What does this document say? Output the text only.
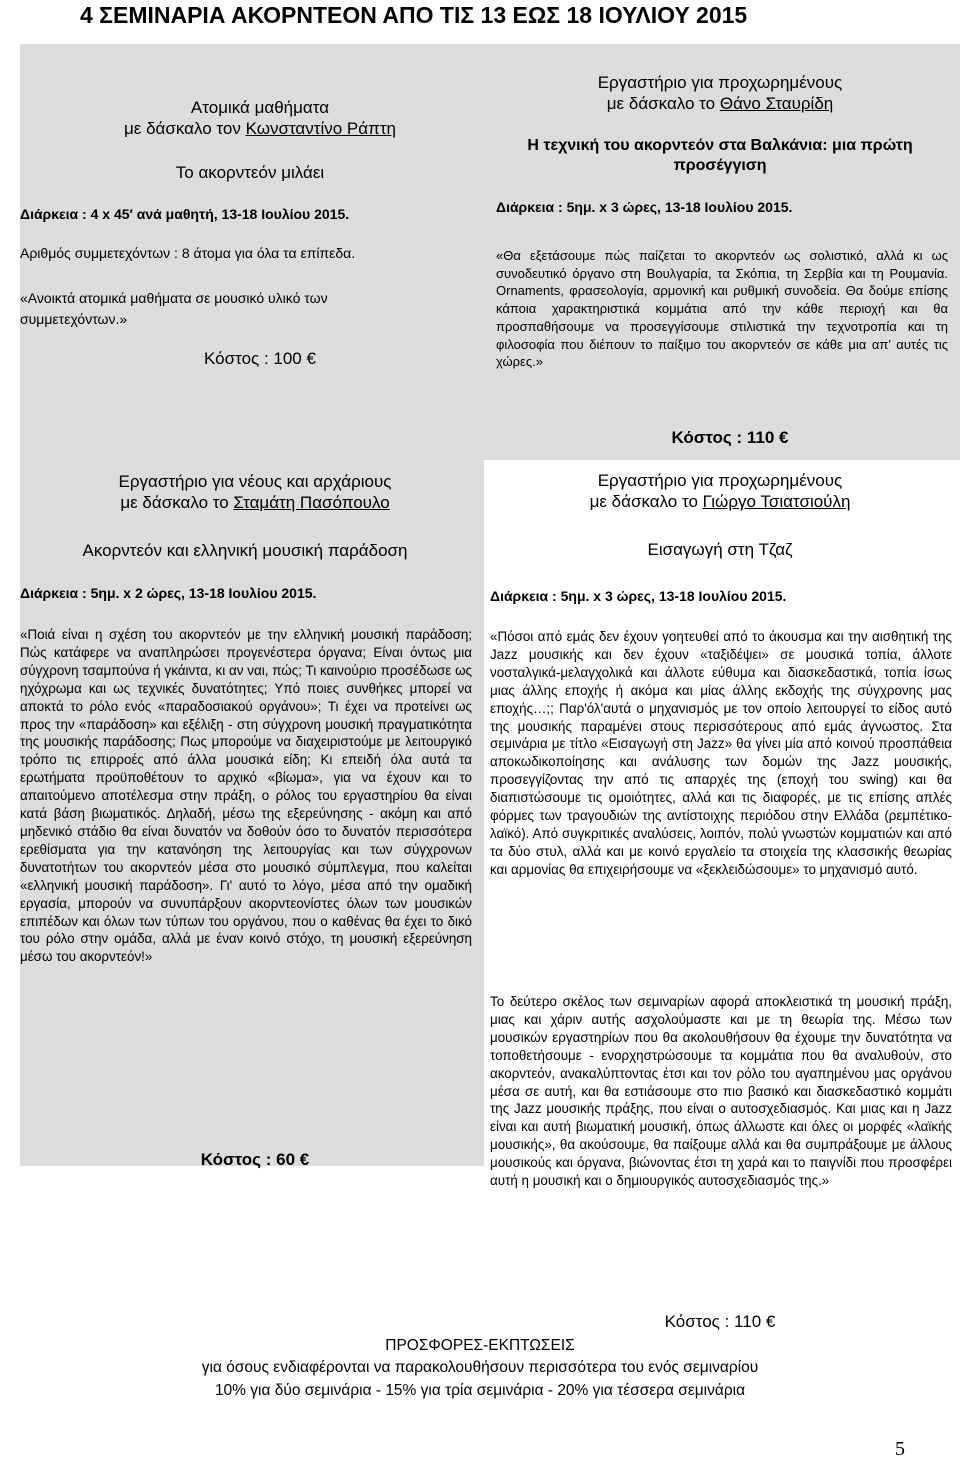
4 ΣΕΜΙΝΑΡΙΑ ΑΚΟΡΝΤΕΟΝ ΑΠΟ ΤΙΣ 13 ΕΩΣ 18 ΙΟΥΛΙΟΥ 2015
Ατομικά μαθήματα
με δάσκαλο τον Κωνσταντίνο Ράπτη
Το ακορντεόν μιλάει
Διάρκεια : 4 x 45′ ανά μαθητή, 13-18 Ιουλίου 2015.
Αριθμός συμμετεχόντων : 8 άτομα για όλα τα επίπεδα.
«Ανοικτά ατομικά μαθήματα σε μουσικό υλικό των συμμετεχόντων.»
Κόστος : 100 €
Εργαστήριο για προχωρημένους
με δάσκαλο το Θάνο Σταυρίδη
Η τεχνική του ακορντεόν στα Βαλκάνια: μια πρώτη προσέγγιση
Διάρκεια : 5ημ. x 3 ώρες, 13-18 Ιουλίου 2015.
«Θα εξετάσουμε πώς παίζεται το ακορντεόν ως σολιστικό, αλλά κι ως συνοδευτικό όργανο στη Βουλγαρία, τα Σκόπια, τη Σερβία και τη Ρουμανία. Ornaments, φρασεολογία, αρμονική και ρυθμική συνοδεία. Θα δούμε επίσης κάποια χαρακτηριστικά κομμάτια από την κάθε περιοχή και θα προσπαθήσουμε να προσεγγίσουμε στιλιστικά την τεχνοτροπία και τη φιλοσοφία που διέπουν το παίξιμο του ακορντεόν σε κάθε μια απ’ αυτές τις χώρες.»
Κόστος : 110 €
Εργαστήριο για νέους και αρχάριους
με δάσκαλο το Σταμάτη Πασόπουλο
Ακορντεόν και ελληνική μουσική παράδοση
Διάρκεια : 5ημ. x 2 ώρες, 13-18 Ιουλίου 2015.
«Ποιά είναι η σχέση του ακορντεόν με την ελληνική μουσική παράδοση; Πώς κατάφερε να αναπληρώσει προγενέστερα όργανα; Είναι όντως μια σύγχρονη τσαμπούνα ή γκάιντα, κι αν ναι, πώς; Τι καινούριο προσέδωσε ως ηχόχρωμα και ως τεχνικές δυνατότητες; Υπό ποιες συνθήκες μπορεί να αποκτά το ρόλο ενός «παραδοσιακού οργάνου»; Τι έχει να προτείνει ως προς την «παράδοση» και εξέλιξη - στη σύγχρονη μουσική πραγματικότητα της μουσικής παράδοσης; Πως μπορούμε να διαχειριστούμε με λειτουργικό τρόπο τις επιρροές από άλλα μουσικά είδη; Κι επειδή όλα αυτά τα ερωτήματα προϋποθέτουν το αρχικό «βίωμα», για να έχουν και το απαιτούμενο αποτέλεσμα στην πράξη, ο ρόλος του εργαστηρίου θα είναι κατά βάση βιωματικός. Δηλαδή, μέσω της εξερεύνησης - ακόμη και από μηδενικό στάδιο θα είναι δυνατόν να δοθούν όσο το δυνατόν περισσότερα ερεθίσματα για την κατανόηση της λειτουργίας και των σύγχρονων δυνατοτήτων του ακορντεόν μέσα στο μουσικό σύμπλεγμα, που καλείται «ελληνική μουσική παράδοση». Γι' αυτό το λόγο, μέσα από την ομαδική εργασία, μπορούν να συνυπάρξουν ακορντεονίστες όλων των μουσικών επιπέδων και όλων των τύπων του οργάνου, που ο καθένας θα έχει το δικό του ρόλο στην ομάδα, αλλά με έναν κοινό στόχο, τη μουσική εξερεύνηση μέσω του ακορντεόν!»
Κόστος : 60 €
Εργαστήριο για προχωρημένους
με δάσκαλο το Γιώργο Τσιατσιούλη
Εισαγωγή στη Τζαζ
Διάρκεια : 5ημ. x 3 ώρες, 13-18 Ιουλίου 2015.
«Πόσοι από εμάς δεν έχουν γοητευθεί από το άκουσμα και την αισθητική της Jazz μουσικής και δεν έχουν «ταξιδέψει» σε μουσικά τοπία, άλλοτε νοσταλγικά-μελαγχολικά και άλλοτε εύθυμα και διασκεδαστικά, τοπία ίσως μιας άλλης εποχής ή ακόμα και μίας άλλης εκδοχής της σύγχρονης μας εποχής…;; Παρ'όλ'αυτά ο μηχανισμός με τον οποίο λειτουργεί το είδος αυτό της μουσικής παραμένει στους περισσότερους από εμάς άγνωστος. Στα σεμινάρια με τίτλο «Εισαγωγή στη Jazz» θα γίνει μία από κοινού προσπάθεια αποκωδικοποίησης και ανάλυσης των δομών της Jazz μουσικής, προσεγγίζοντας την από τις απαρχές της (εποχή του swing) και θα διαπιστώσουμε τις ομοιότητες, αλλά και τις διαφορές, με τις επίσης απλές φόρμες των τραγουδιών της αντίστοιχης περιόδου στην Ελλάδα (ρεμπέτικο-λαϊκό). Από συγκριτικές αναλύσεις, λοιπόν, πολύ γνωστών κομματιών και από τα δύο στυλ, αλλά και με κοινό εργαλείο τα στοιχεία της κλασσικής θεωρίας και αρμονίας θα επιχειρήσουμε να «ξεκλειδώσουμε» το μηχανισμό αυτό.
Το δεύτερο σκέλος των σεμιναρίων αφορά αποκλειστικά τη μουσική πράξη, μιας και χάριν αυτής ασχολούμαστε και με τη θεωρία της. Μέσω των μουσικών εργαστηρίων που θα ακολουθήσουν θα έχουμε την δυνατότητα να τοποθετήσουμε - ενορχηστρώσουμε τα κομμάτια που θα αναλυθούν, στο ακορντεόν, ανακαλύπτοντας έτσι και τον ρόλο του αγαπημένου μας οργάνου μέσα σε αυτή, και θα εστιάσουμε στο πιο βασικό και διασκεδαστικό κομμάτι της Jazz μουσικής πράξης, που είναι ο αυτοσχεδιασμός. Και μιας και η Jazz είναι και αυτή βιωματική μουσική, όπως άλλωστε και όλες οι μορφές «λαϊκής μουσικής», θα ακούσουμε, θα παίξουμε αλλά και θα συμπράξουμε με άλλους μουσικούς και όργανα, βιώνοντας έτσι τη χαρά και το παιγνίδι που προσφέρει αυτή η μουσική και ο δημιουργικός αυτοσχεδιασμός της.»
Κόστος : 110 €
ΠΡΟΣΦΟΡΕΣ-ΕΚΠΤΩΣΕΙΣ
για όσους ενδιαφέρονται να παρακολουθήσουν περισσότερα του ενός σεμιναρίου
10% για δύο σεμινάρια - 15% για τρία σεμινάρια - 20% για τέσσερα σεμινάρια
5
